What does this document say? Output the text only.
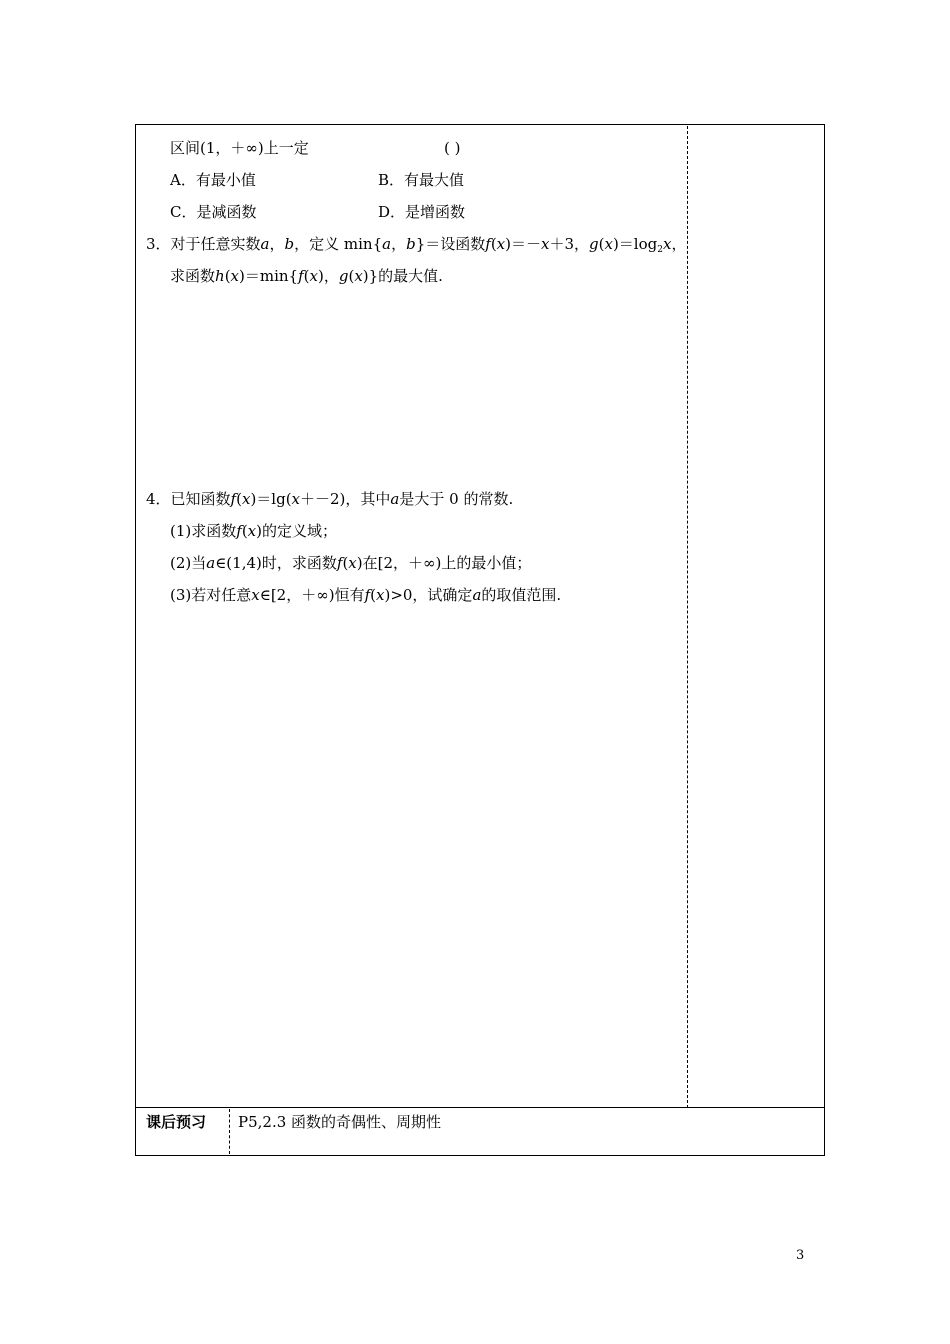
区间(1，＋∞)上一定	( )
A．有最小值	B．有最大值
C．是减函数	D．是增函数
3．对于任意实数a，b，定义 min{a，b}＝设函数f(x)＝－x＋3，$g(x)=\log_2x$，
求函数h(x)＝min{f(x)，g(x)}的最大值.
4．已知函数f(x)＝lg(x＋－2)，其中a是大于 0 的常数.
(1)求函数f(x)的定义域；
(2)当a∈(1,4)时，求函数f(x)在[2，＋∞)上的最小值；
(3)若对任意x∈[2，＋∞)恒有f(x)>0，试确定a的取值范围.
课后预习 P5,2.3 函数的奇偶性、周期性
3
